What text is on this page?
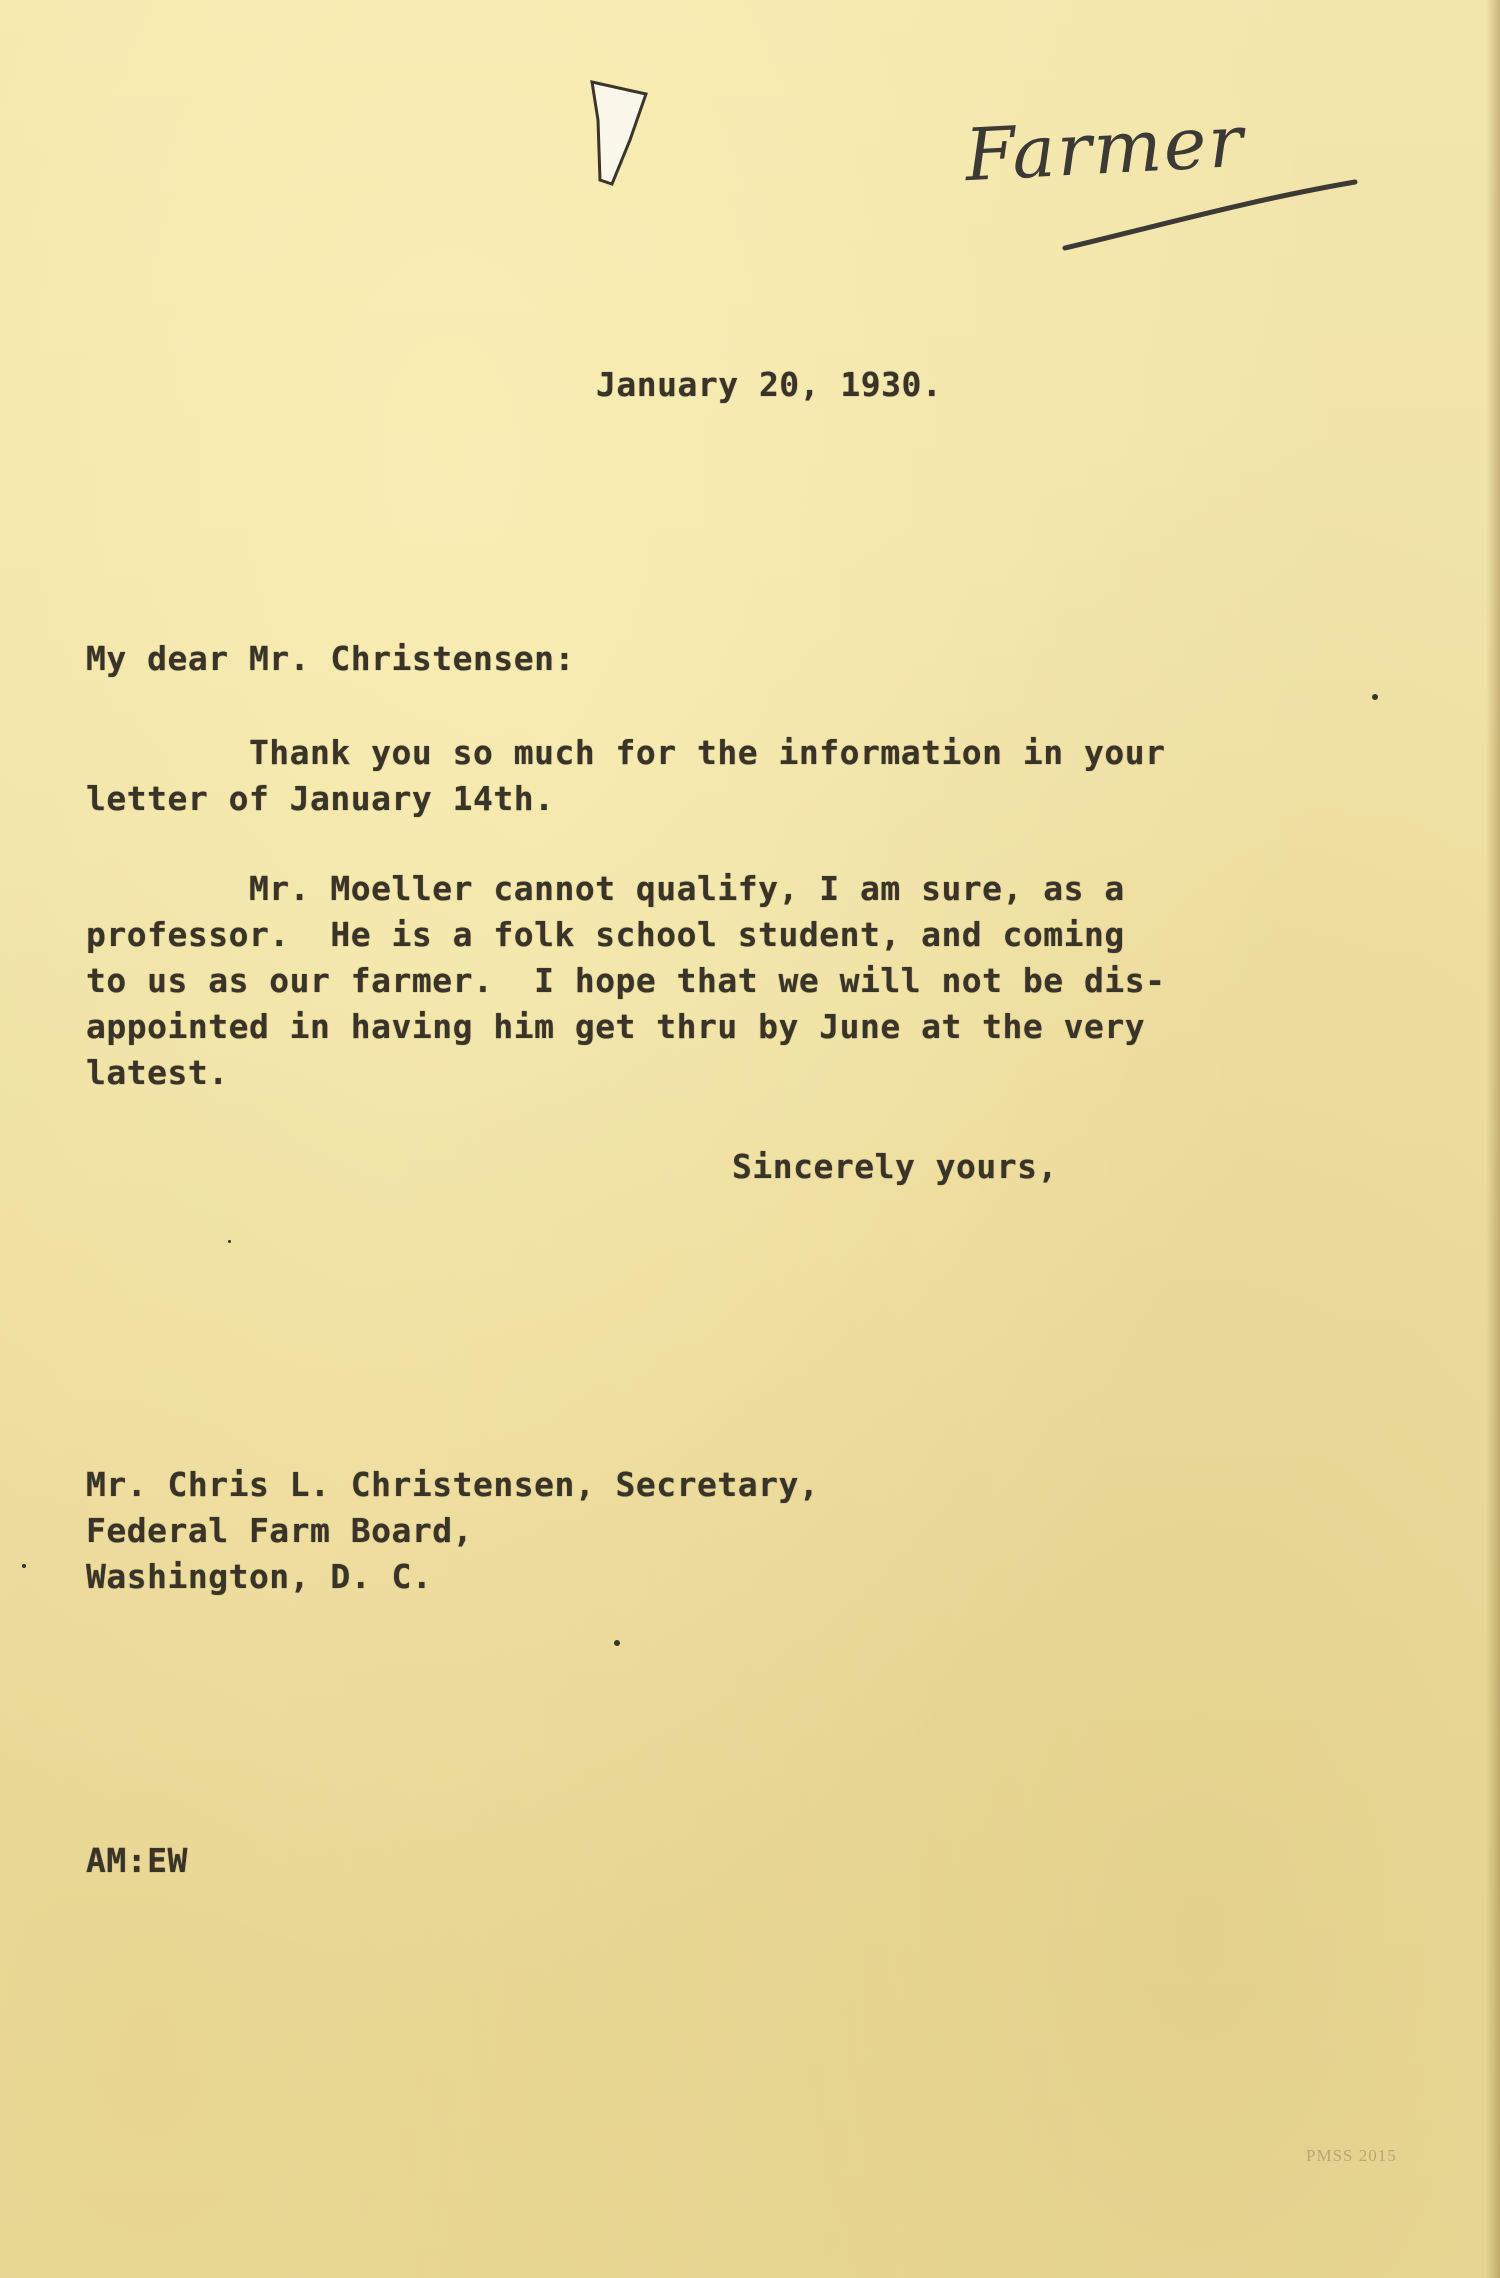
Farmer
January 20, 1930.
My dear Mr. Christensen:
Thank you so much for the information in your
letter of January 14th.
Mr. Moeller cannot qualify, I am sure, as a
professor.  He is a folk school student, and coming
to us as our farmer.  I hope that we will not be dis-
appointed in having him get thru by June at the very
latest.
Sincerely yours,
Mr. Chris L. Christensen, Secretary,
Federal Farm Board,
Washington, D. C.
AM:EW
PMSS 2015
